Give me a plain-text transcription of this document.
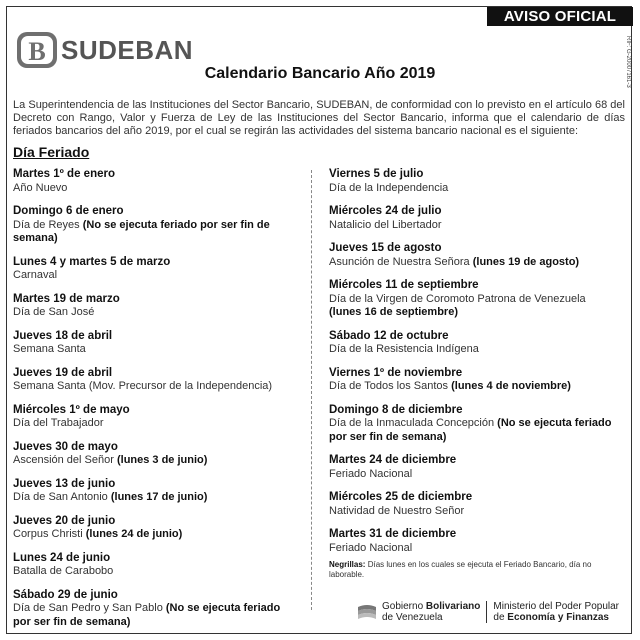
AVISO OFICIAL
B SUDEBAN	RIF: G-20007161-3
Calendario Bancario Año 2019
La Superintendencia de las Instituciones del Sector Bancario, SUDEBAN, de conformidad con lo previsto en el artículo 68 del Decreto con Rango, Valor y Fuerza de Ley de las Instituciones del Sector Bancario, informa que el calendario de días feriados bancarios del año 2019, por el cual se regirán las actividades del sistema bancario nacional es el siguiente:
Día Feriado
Martes 1º de enero
Año Nuevo
Domingo 6 de enero
Día de Reyes (No se ejecuta feriado por ser fin de semana)
Lunes 4 y martes 5 de marzo
Carnaval
Martes 19 de marzo
Día de San José
Jueves 18 de abril
Semana Santa
Jueves 19 de abril
Semana Santa (Mov. Precursor de la Independencia)
Miércoles 1º de mayo
Día del Trabajador
Jueves 30 de mayo
Ascensión del Señor (lunes 3 de junio)
Jueves 13 de junio
Día de San Antonio (lunes 17 de junio)
Jueves 20 de junio
Corpus Christi (lunes 24 de junio)
Lunes 24 de junio
Batalla de Carabobo
Sábado 29 de junio
Día de San Pedro y San Pablo (No se ejecuta feriado por ser fin de semana)
Viernes 5 de julio
Día de la Independencia
Miércoles 24 de julio
Natalicio del Libertador
Jueves 15 de agosto
Asunción de Nuestra Señora (lunes 19 de agosto)
Miércoles 11 de septiembre
Día de la Virgen de Coromoto Patrona de Venezuela (lunes 16 de septiembre)
Sábado 12 de octubre
Día de la Resistencia Indígena
Viernes 1º de noviembre
Día de Todos los Santos (lunes 4 de noviembre)
Domingo 8 de diciembre
Día de la Inmaculada Concepción (No se ejecuta feriado por ser fin de semana)
Martes 24 de diciembre
Feriado Nacional
Miércoles 25 de diciembre
Natividad de Nuestro Señor
Martes 31 de diciembre
Feriado Nacional
Negrillas: Días lunes en los cuales se ejecuta el Feriado Bancario, día no laborable.
Gobierno Bolivariano
de Venezuela
Ministerio del Poder Popular
de Economía y Finanzas
